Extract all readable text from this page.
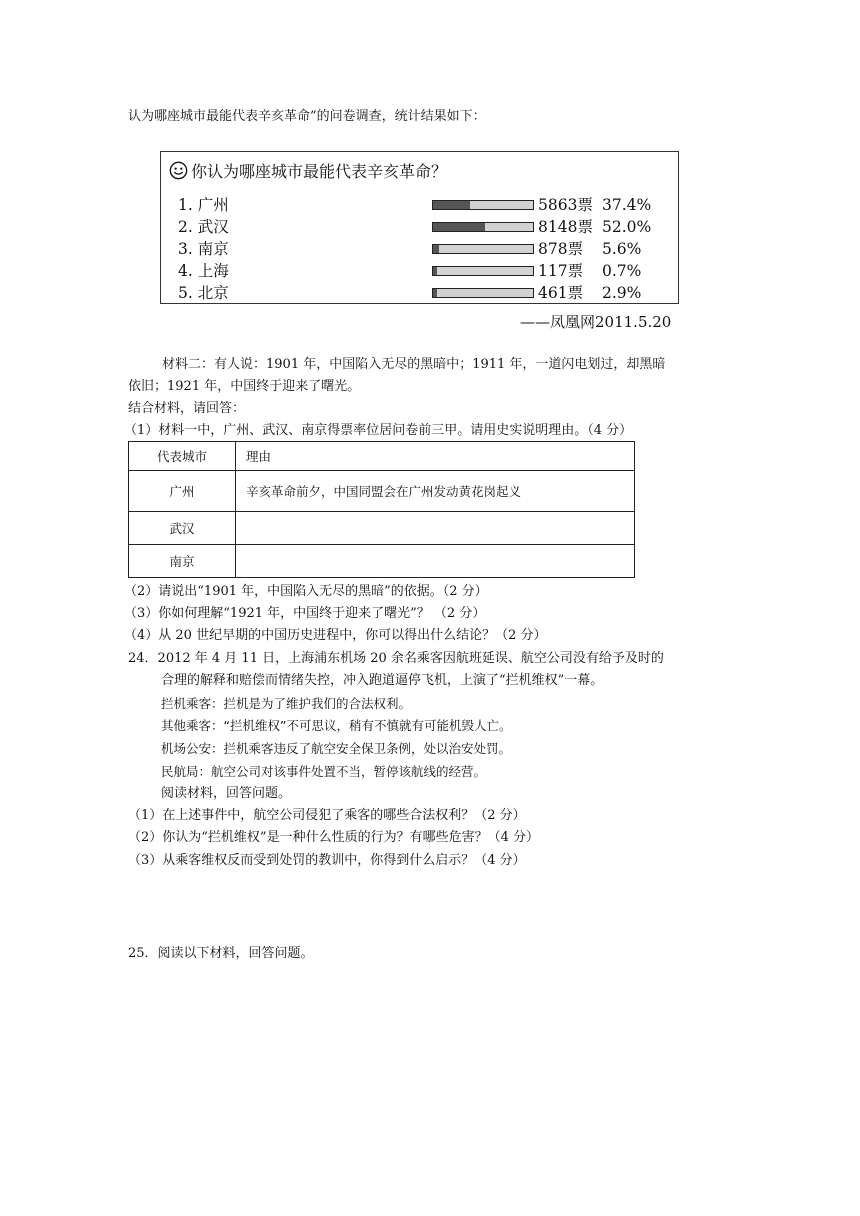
认为哪座城市最能代表辛亥革命”的问卷调查，统计结果如下：
你认为哪座城市最能代表辛亥革命？
1. 广州	5863票 37.4%
2. 武汉	8148票 52.0%
3. 南京	878票 5.6%
4. 上海	117票 0.7%
5. 北京	461票 2.9%
——凤凰网2011.5.20
材料二：有人说：1901 年，中国陷入无尽的黑暗中；1911 年，一道闪电划过，却黑暗
依旧；1921 年，中国终于迎来了曙光。
结合材料，请回答：
（1）材料一中，广州、武汉、南京得票率位居问卷前三甲。请用史实说明理由。（4 分）
代表城市	理由
广州	辛亥革命前夕，中国同盟会在广州发动黄花岗起义
武汉	
南京	
（2）请说出“1901 年，中国陷入无尽的黑暗”的依据。（2 分）
（3）你如何理解“1921 年，中国终于迎来了曙光”？ （2 分）
（4）从 20 世纪早期的中国历史进程中，你可以得出什么结论？（2 分）
24．2012 年 4 月 11 日，上海浦东机场 20 余名乘客因航班延误、航空公司没有给予及时的
合理的解释和赔偿而情绪失控，冲入跑道逼停飞机，上演了“拦机维权”一幕。
拦机乘客：拦机是为了维护我们的合法权利。
其他乘客：“拦机维权”不可思议，稍有不慎就有可能机毁人亡。
机场公安：拦机乘客违反了航空安全保卫条例，处以治安处罚。
民航局：航空公司对该事件处置不当，暂停该航线的经营。
阅读材料，回答问题。
（1）在上述事件中，航空公司侵犯了乘客的哪些合法权利？（2 分）
（2）你认为“拦机维权”是一种什么性质的行为？有哪些危害？（4 分）
（3）从乘客维权反而受到处罚的教训中，你得到什么启示？（4 分）
25．阅读以下材料，回答问题。
